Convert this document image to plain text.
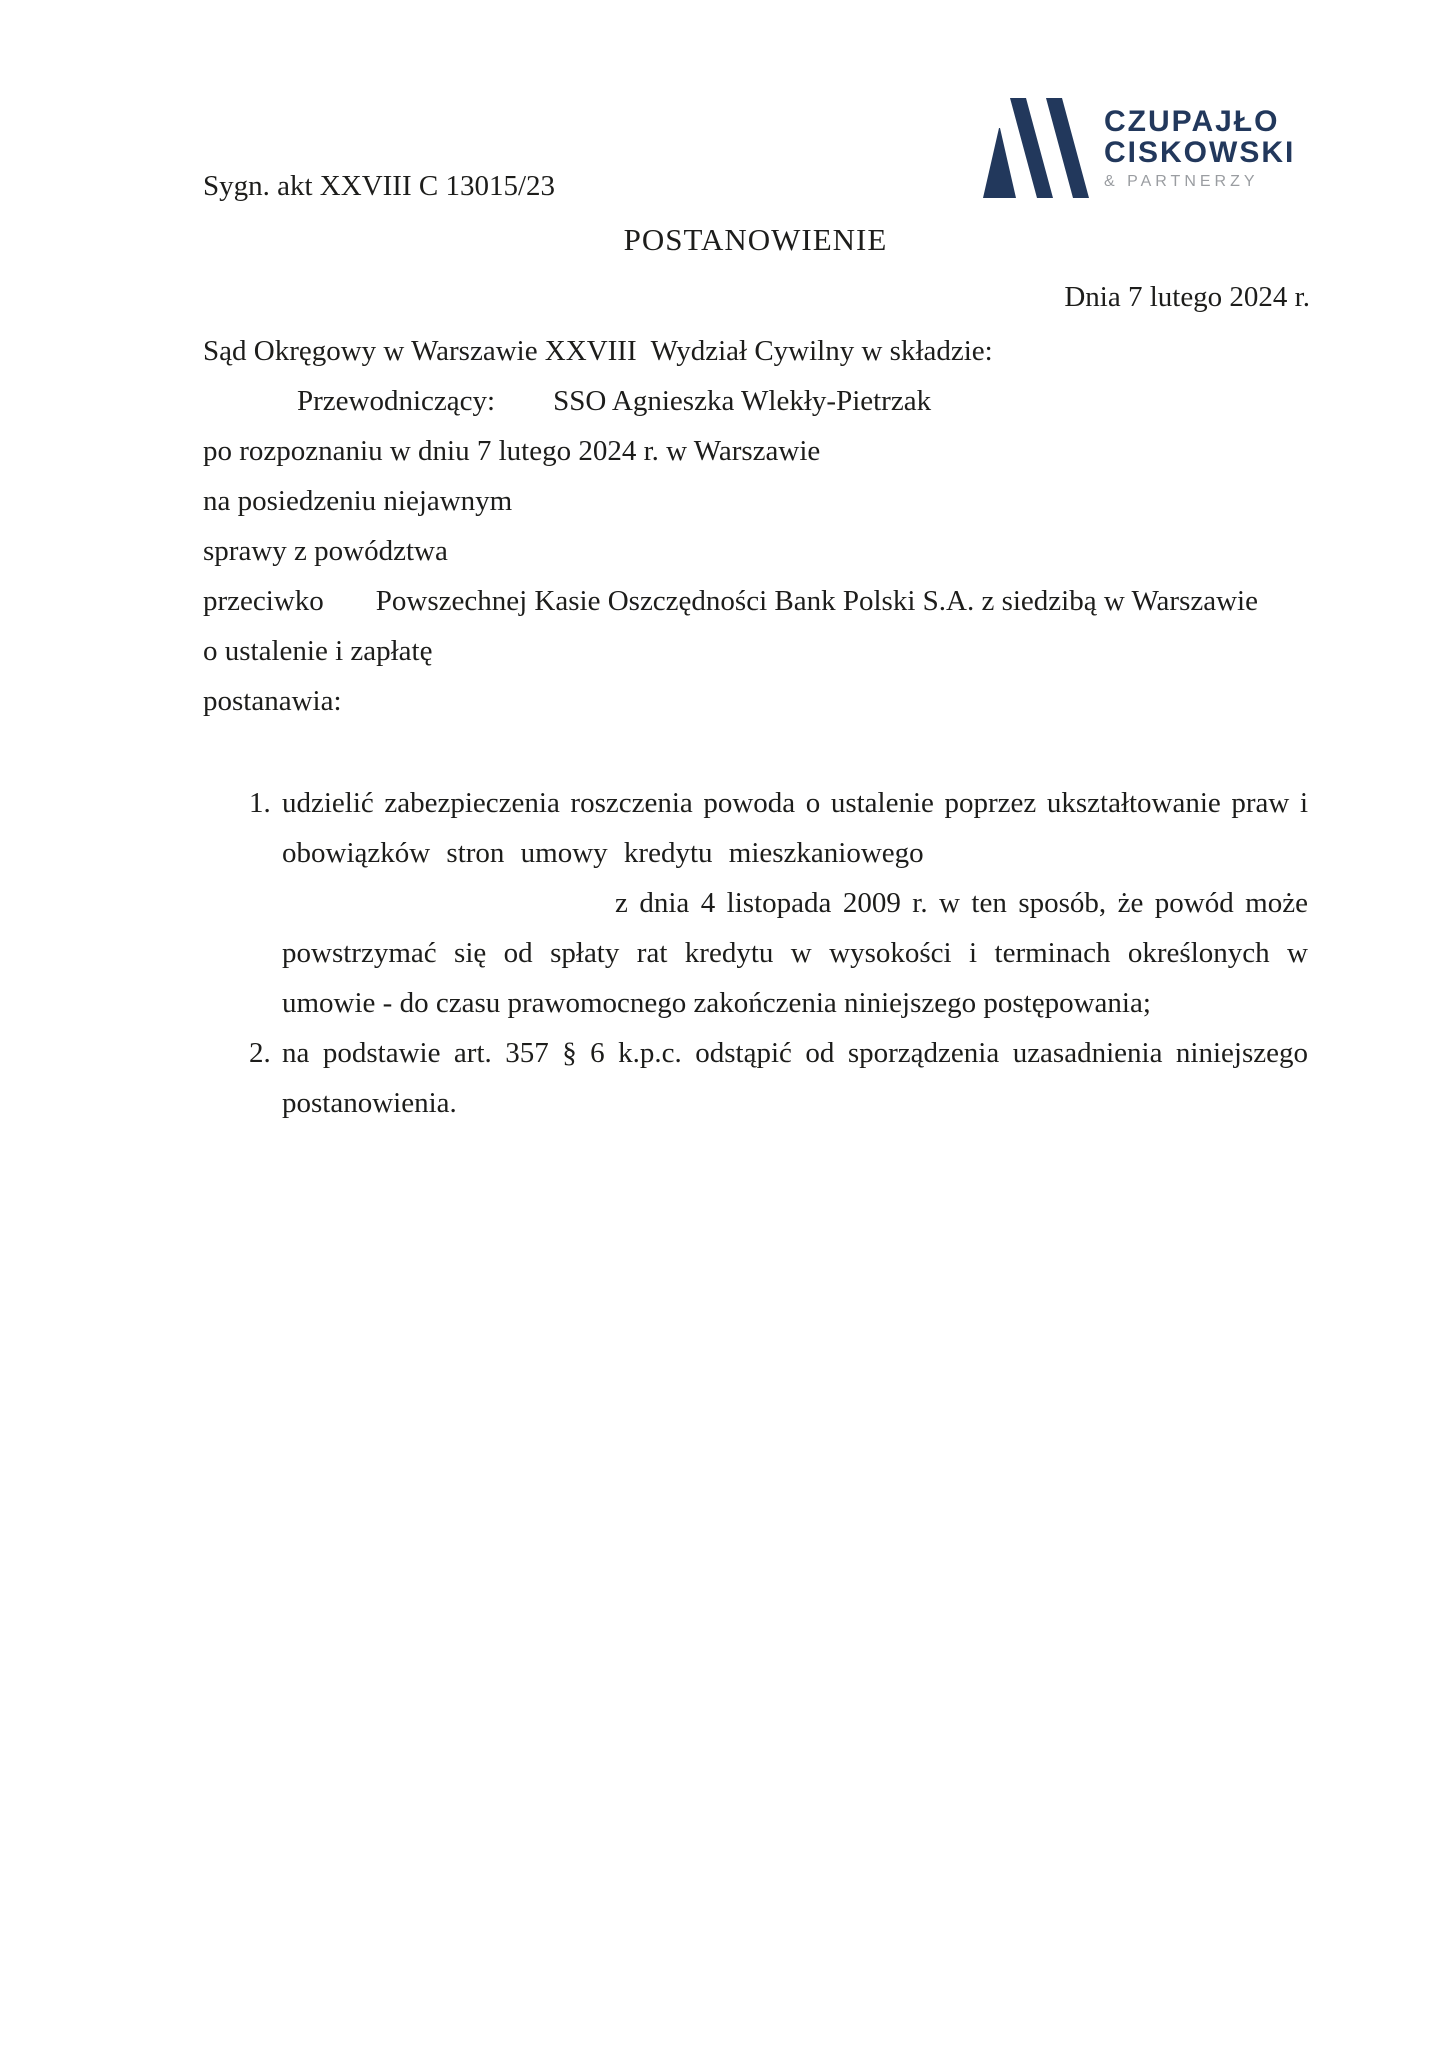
Sygn. akt XXVIII C 13015/23
CZUPAJŁO
CISKOWSKI
& PARTNERZY
POSTANOWIENIE
Dnia 7 lutego 2024 r.
Sąd Okręgowy w Warszawie XXVIII  Wydział Cywilny w składzie:
Przewodniczący: SSO Agnieszka Wlekły-Pietrzak
po rozpoznaniu w dniu 7 lutego 2024 r. w Warszawie
na posiedzeniu niejawnym
sprawy z powództwa
przeciwko Powszechnej Kasie Oszczędności Bank Polski S.A. z siedzibą w Warszawie
o ustalenie i zapłatę
postanawia:
1. udzielić zabezpieczenia roszczenia powoda o ustalenie poprzez ukształtowanie praw i
obowiązków stron umowy kredytu mieszkaniowego
z dnia 4 listopada 2009 r. w ten sposób, że powód może
powstrzymać się od spłaty rat kredytu w wysokości i terminach określonych w
umowie - do czasu prawomocnego zakończenia niniejszego postępowania;
2. na podstawie art. 357 § 6 k.p.c. odstąpić od sporządzenia uzasadnienia niniejszego
postanowienia.
